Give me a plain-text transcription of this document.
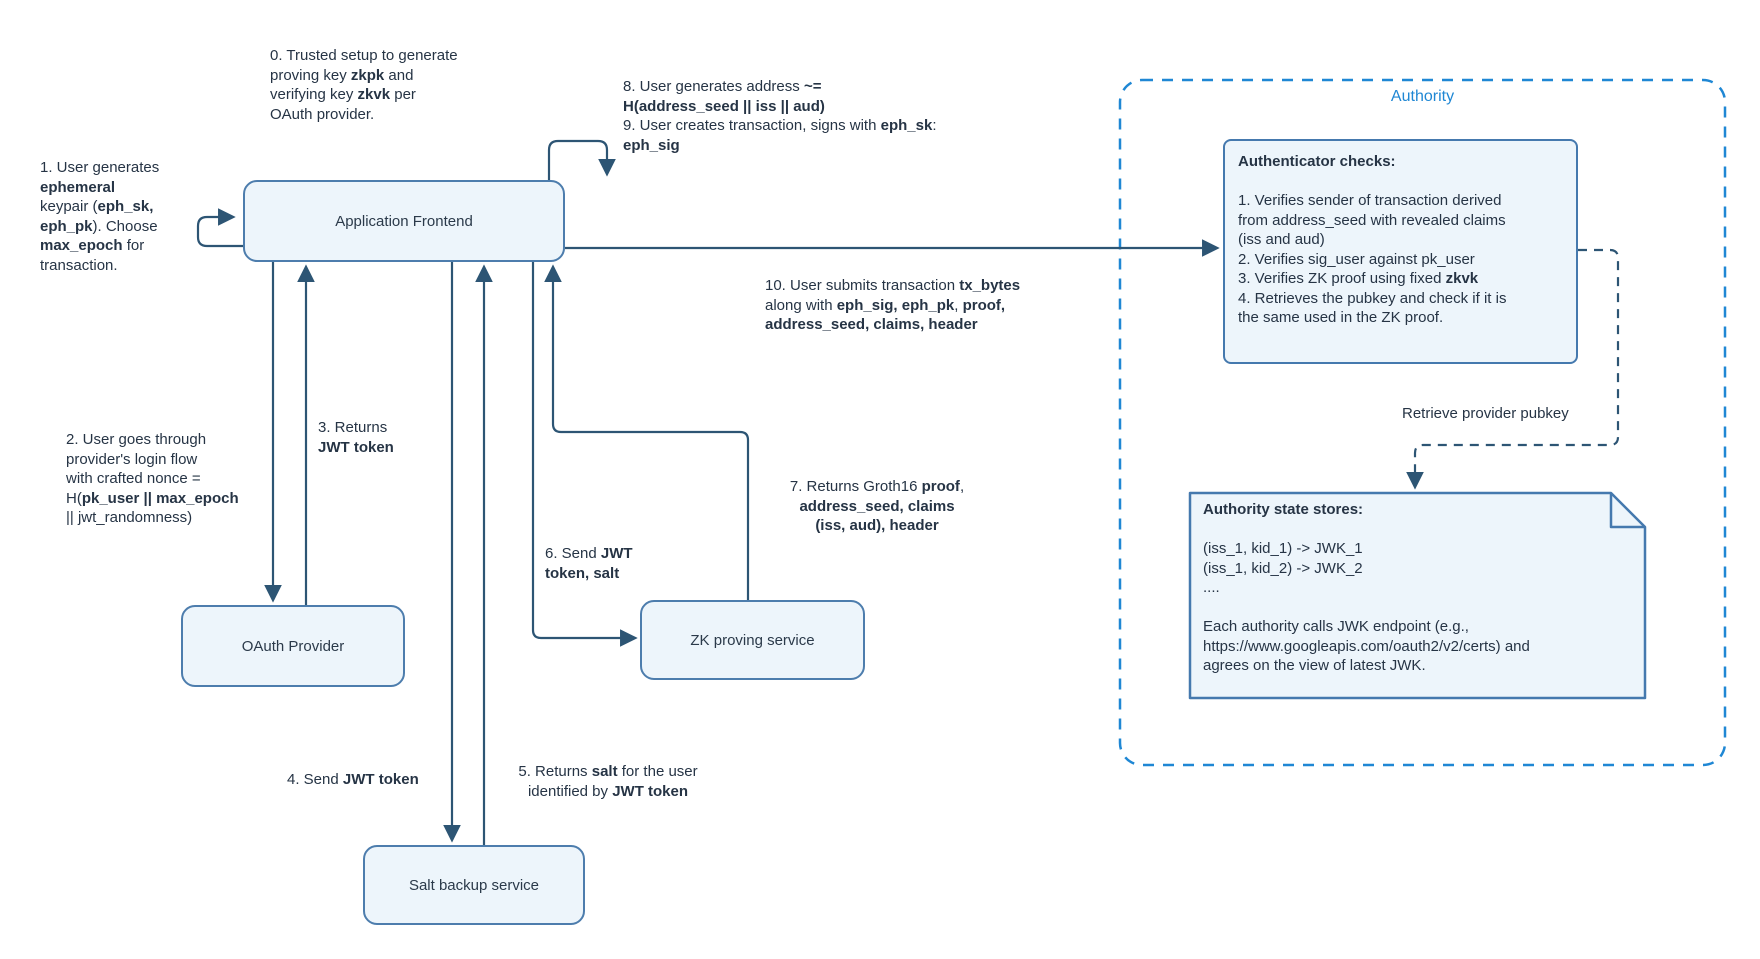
Application Frontend
OAuth Provider	ZK proving service
Salt backup service
Authority
Authenticator checks:

1. Verifies sender of transaction derived
from address_seed with revealed claims
(iss and aud)
2. Verifies sig_user against pk_user
3. Verifies ZK proof using fixed zkvk
4. Retrieves the pubkey and check if it is
the same used in the ZK proof.
Authority state stores:

(iss_1, kid_1) -> JWK_1
(iss_1, kid_2) -> JWK_2
....

Each authority calls JWK endpoint (e.g.,
https://www.googleapis.com/oauth2/v2/certs) and
agrees on the view of latest JWK.
Retrieve provider pubkey
0. Trusted setup to generate
proving key zkpk and
verifying key zkvk per
OAuth provider.
1. User generates
ephemeral
keypair (eph_sk,
eph_pk). Choose
max_epoch for
transaction.
2. User goes through
provider's login flow
with crafted nonce =
H(pk_user || max_epoch
|| jwt_randomness)
3. Returns
JWT token
4. Send JWT token	5. Returns salt for the user
identified by JWT token
6. Send JWT
token, salt
7. Returns Groth16 proof,
address_seed, claims
(iss, aud), header
8. User generates address ~=
H(address_seed || iss || aud)
9. User creates transaction, signs with eph_sk:
eph_sig
10. User submits transaction tx_bytes
along with eph_sig, eph_pk, proof,
address_seed, claims, header
